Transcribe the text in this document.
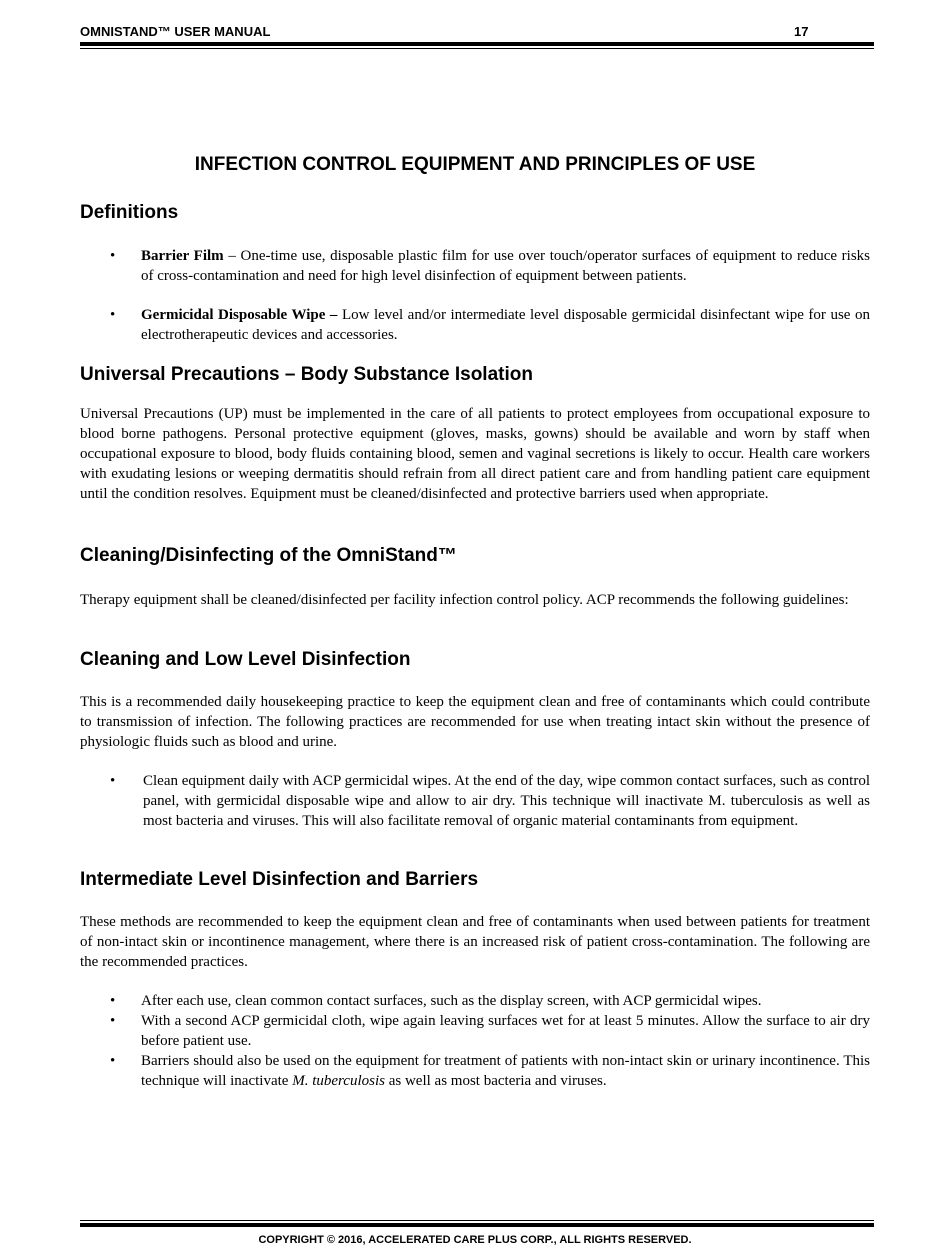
OMNISTAND™ USER MANUAL	17
INFECTION CONTROL EQUIPMENT AND PRINCIPLES OF USE
Definitions
• Barrier Film – One-time use, disposable plastic film for use over touch/operator surfaces of equipment to reduce risks of cross-contamination and need for high level disinfection of equipment between patients.
• Germicidal Disposable Wipe – Low level and/or intermediate level disposable germicidal disinfectant wipe for use on electrotherapeutic devices and accessories.
Universal Precautions – Body Substance Isolation

Universal Precautions (UP) must be implemented in the care of all patients to protect employees from occupational exposure to blood borne pathogens. Personal protective equipment (gloves, masks, gowns) should be available and worn by staff when occupational exposure to blood, body fluids containing blood, semen and vaginal secretions is likely to occur. Health care workers with exudating lesions or weeping dermatitis should refrain from all direct patient care and from handling patient care equipment until the condition resolves. Equipment must be cleaned/disinfected and protective barriers used when appropriate.

Cleaning/Disinfecting of the OmniStand™

Therapy equipment shall be cleaned/disinfected per facility infection control policy. ACP recommends the following guidelines:

Cleaning and Low Level Disinfection

This is a recommended daily housekeeping practice to keep the equipment clean and free of contaminants which could contribute to transmission of infection. The following practices are recommended for use when treating intact skin without the presence of physiologic fluids such as blood and urine.

• Clean equipment daily with ACP germicidal wipes. At the end of the day, wipe common contact surfaces, such as control panel, with germicidal disposable wipe and allow to air dry. This technique will inactivate M. tuberculosis as well as most bacteria and viruses. This will also facilitate removal of organic material contaminants from equipment.
Intermediate Level Disinfection and Barriers

These methods are recommended to keep the equipment clean and free of contaminants when used between patients for treatment of non-intact skin or incontinence management, where there is an increased risk of patient cross-contamination. The following are the recommended practices.

• After each use, clean common contact surfaces, such as the display screen, with ACP germicidal wipes.
• With a second ACP germicidal cloth, wipe again leaving surfaces wet for at least 5 minutes. Allow the surface to air dry before patient use.
• Barriers should also be used on the equipment for treatment of patients with non-intact skin or urinary incontinence. This technique will inactivate M. tuberculosis as well as most bacteria and viruses.
COPYRIGHT © 2016, ACCELERATED CARE PLUS CORP., ALL RIGHTS RESERVED.
